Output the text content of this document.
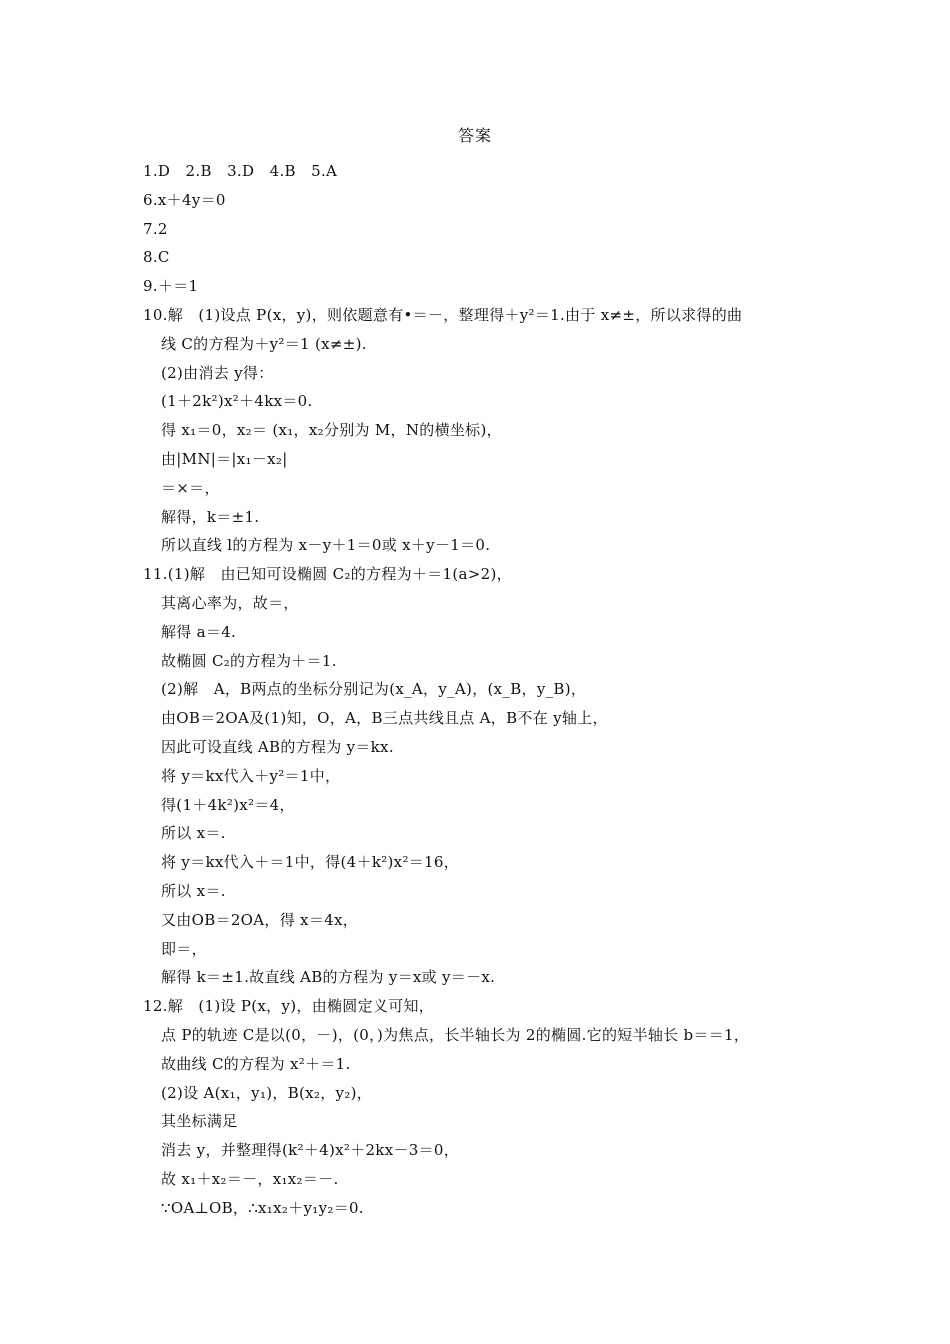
答案
1.D　2.B　3.D　4.B　5.A
6.x＋4y＝0
7.2
8.C
9.＋＝1
10.解　(1)设点 P(x，y)，则依题意有•＝－，整理得＋y²＝1.由于 x≠±，所以求得的曲
线 C的方程为＋y²＝1 (x≠±).
(2)由消去 y得：
(1＋2k²)x²＋4kx＝0.
得 x₁＝0，x₂＝ (x₁，x₂分别为 M，N的横坐标)，
由|MN|＝|x₁－x₂|
＝×＝，
解得，k＝±1.
所以直线 l的方程为 x－y＋1＝0或 x＋y－1＝0.
11.(1)解　由已知可设椭圆 C₂的方程为＋＝1(a>2)，
其离心率为，故＝，
解得 a＝4.
故椭圆 C₂的方程为＋＝1.
(2)解　A，B两点的坐标分别记为(x_A，y_A)，(x_B，y_B)，
由OB＝2OA及(1)知，O，A，B三点共线且点 A，B不在 y轴上，
因此可设直线 AB的方程为 y＝kx.
将 y＝kx代入＋y²＝1中，
得(1＋4k²)x²＝4，
所以 x＝.
将 y＝kx代入＋＝1中，得(4＋k²)x²＝16，
所以 x＝.
又由OB＝2OA，得 x＝4x，
即＝，
解得 k＝±1.故直线 AB的方程为 y＝x或 y＝－x.
12.解　(1)设 P(x，y)，由椭圆定义可知，
点 P的轨迹 C是以(0，－)，(0，)为焦点，长半轴长为 2的椭圆.它的短半轴长 b＝＝1，
故曲线 C的方程为 x²＋＝1.
(2)设 A(x₁，y₁)，B(x₂，y₂)，
其坐标满足
消去 y，并整理得(k²＋4)x²＋2kx－3＝0，
故 x₁＋x₂＝－，x₁x₂＝－.
∵OA⊥OB，∴x₁x₂＋y₁y₂＝0.
